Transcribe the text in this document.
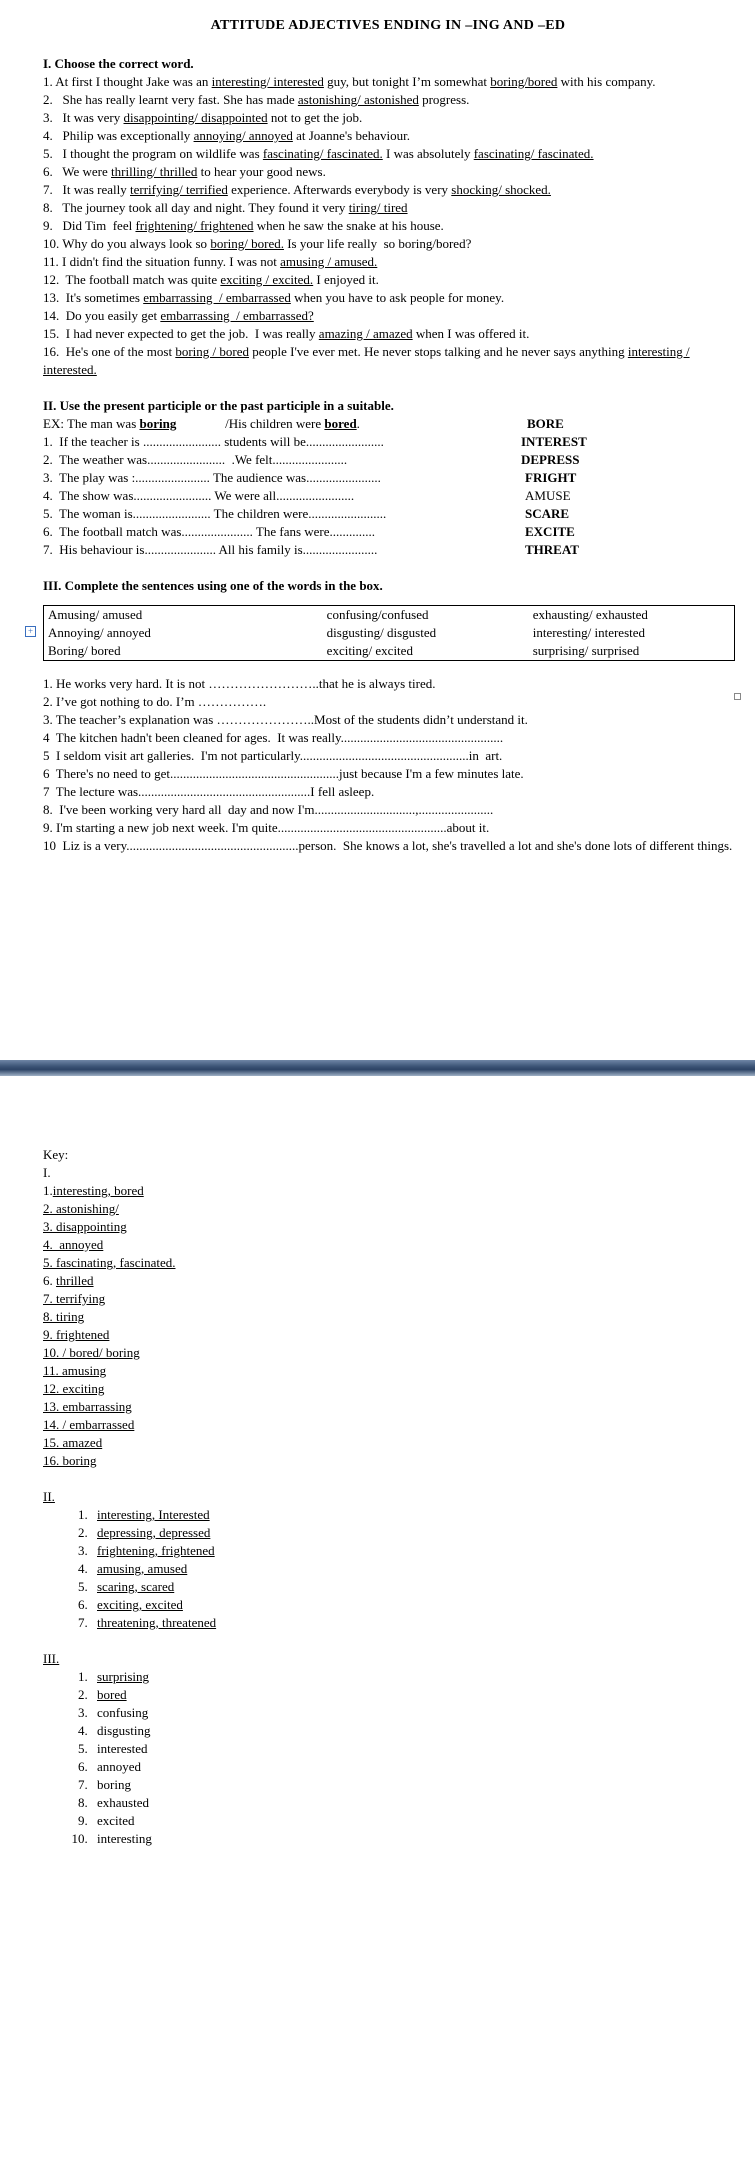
ATTITUDE ADJECTIVES ENDING IN –ING AND –ED
I. Choose the correct word.

1. At first I thought Jake was an interesting/ interested guy, but tonight I’m somewhat boring/bored with his company.

2.   She has really learnt very fast. She has made astonishing/ astonished progress.

3.   It was very disappointing/ disappointed not to get the job.

4.   Philip was exceptionally annoying/ annoyed at Joanne's behaviour.

5.   I thought the program on wildlife was fascinating/ fascinated. I was absolutely fascinating/ fascinated.

6.   We were thrilling/ thrilled to hear your good news.

7.   It was really terrifying/ terrified experience. Afterwards everybody is very shocking/ shocked.

8.   The journey took all day and night. They found it very tiring/ tired

9.   Did Tim  feel frightening/ frightened when he saw the snake at his house.

10. Why do you always look so boring/ bored. Is your life really  so boring/bored?

11. I didn't find the situation funny. I was not amusing / amused.

12.  The football match was quite exciting / excited. I enjoyed it.

13.  It's sometimes embarrassing  / embarrassed when you have to ask people for money.

14.  Do you easily get embarrassing  / embarrassed?

15.  I had never expected to get the job.  I was really amazing / amazed when I was offered it.

16.  He's one of the most boring / bored people I've ever met. He never stops talking and he never says anything interesting / interested.

II. Use the present participle or the past participle in a suitable.
EX: The man was boring               /His children were bored.	BORE
1.  If the teacher is ........................ students will be........................	INTEREST
2.  The weather was........................  .We felt.......................	DEPRESS
3.  The play was :....................... The audience was.......................	FRIGHT
4.  The show was........................ We were all........................	AMUSE
5.  The woman is........................ The children were........................	SCARE
6.  The football match was...................... The fans were..............	EXCITE
7.  His behaviour is...................... All his family is.......................	THREAT
III. Complete the sentences using one of the words in the box.
Amusing/ amused	confusing/confused	exhausting/ exhausted
Annoying/ annoyed	disgusting/ disgusted	interesting/ interested
Boring/ bored	exciting/ excited	surprising/ surprised

1. He works very hard. It is not ……………………..that he is always tired.

2. I’ve got nothing to do. I’m …………….

3. The teacher’s explanation was …………………..Most of the students didn’t understand it.

4  The kitchen hadn't been cleaned for ages.  It was really..................................................

5  I seldom visit art galleries.  I'm not particularly....................................................in  art.

6  There's no need to get....................................................just because I'm a few minutes late.

7  The lecture was.....................................................I fell asleep.

8.  I've been working very hard all  day and now I'm...............................,.......................

9. I'm starting a new job next week. I'm quite....................................................about it.

10  Liz is a very.....................................................person.  She knows a lot, she's travelled a lot and she's done lots of different things.

+
Key:
I.
1.interesting, bored
2. astonishing/
3. disappointing
4.  annoyed
5. fascinating, fascinated.
6. thrilled
7. terrifying
8. tiring
9. frightened
10. / bored/ boring
11. amusing
12. exciting
13. embarrassing
14. / embarrassed
15. amazed
16. boring
II.
1. interesting, Interested
2. depressing, depressed
3. frightening, frightened
4. amusing, amused
5. scaring, scared
6. exciting, excited
7. threatening, threatened
III.
1. surprising
2. bored
3. confusing
4. disgusting
5. interested
6. annoyed
7. boring
8. exhausted
9. excited
10. interesting
